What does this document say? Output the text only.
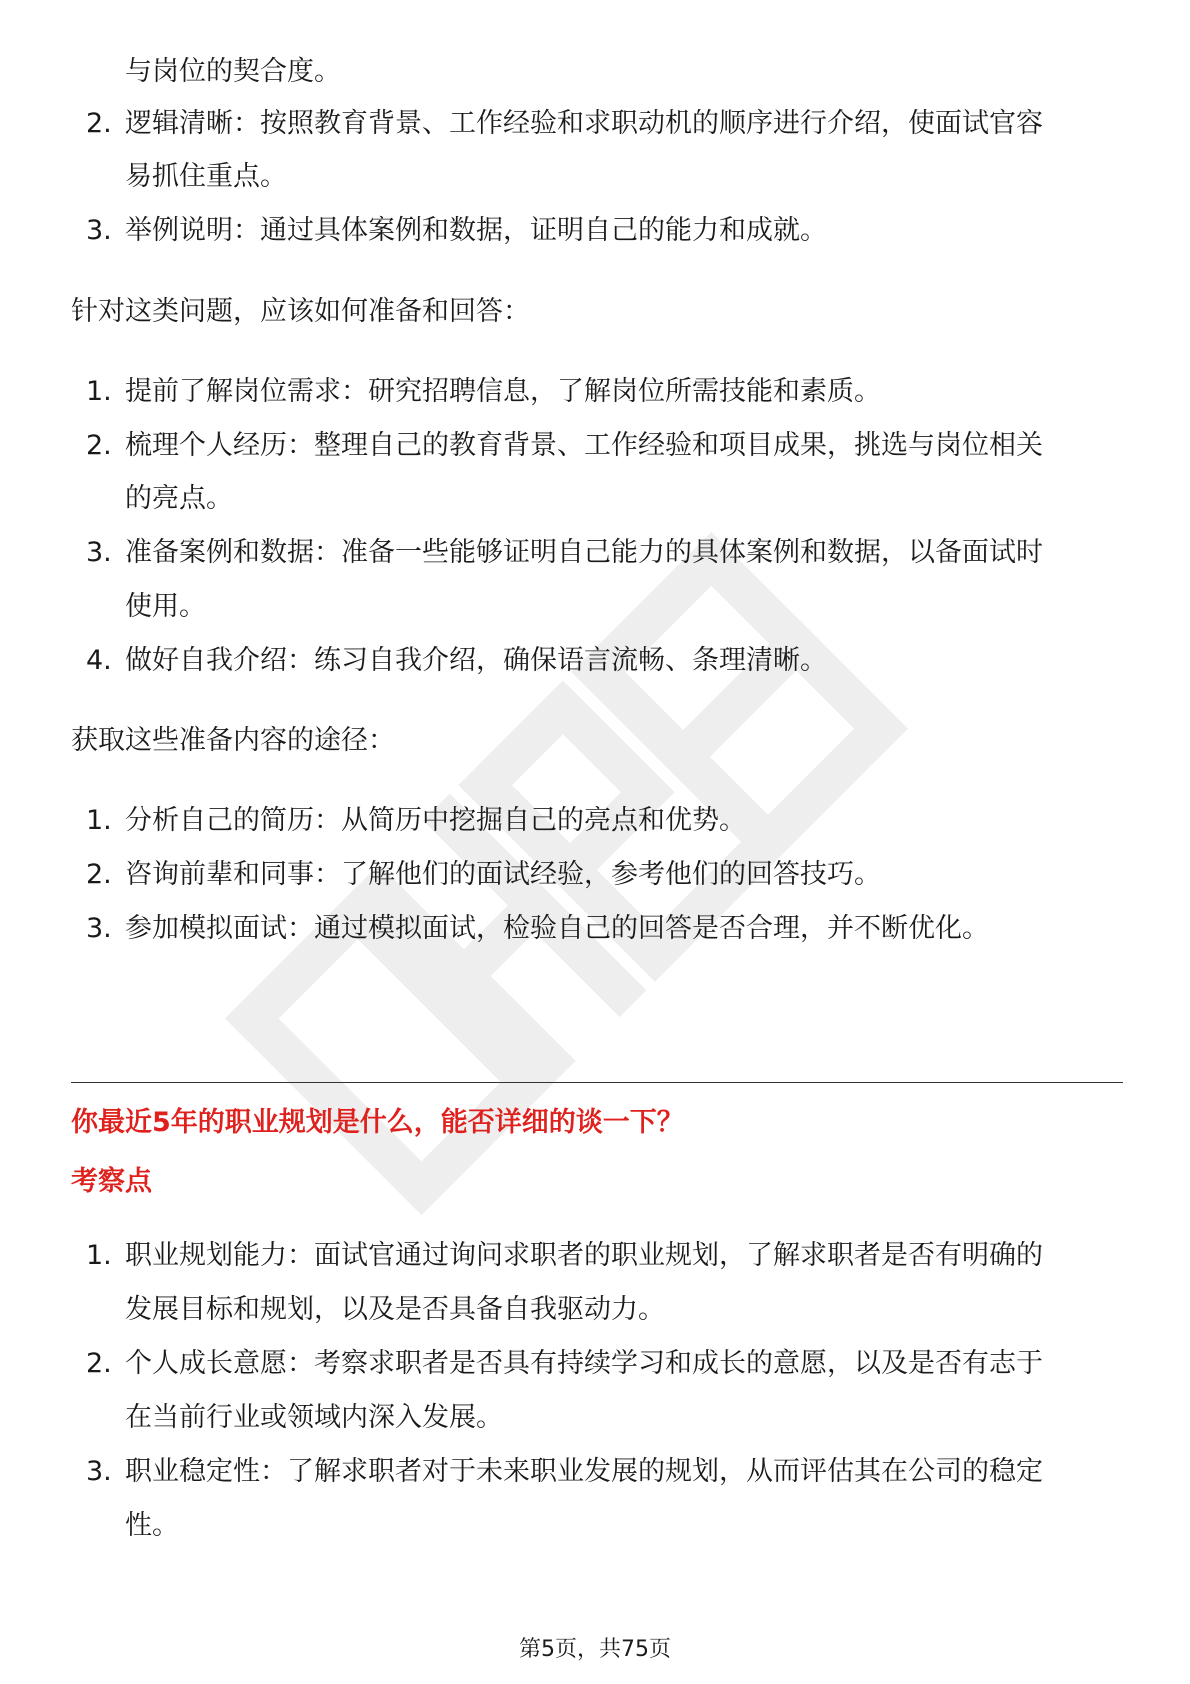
与岗位的契合度。
2. 逻辑清晰：按照教育背景、工作经验和求职动机的顺序进行介绍，使面试官容
易抓住重点。
3. 举例说明：通过具体案例和数据，证明自己的能力和成就。
针对这类问题，应该如何准备和回答：
1. 提前了解岗位需求：研究招聘信息，了解岗位所需技能和素质。
2. 梳理个人经历：整理自己的教育背景、工作经验和项目成果，挑选与岗位相关
的亮点。
3. 准备案例和数据：准备一些能够证明自己能力的具体案例和数据，以备面试时
使用。
4. 做好自我介绍：练习自我介绍，确保语言流畅、条理清晰。
获取这些准备内容的途径：
1. 分析自己的简历：从简历中挖掘自己的亮点和优势。
2. 咨询前辈和同事：了解他们的面试经验，参考他们的回答技巧。
3. 参加模拟面试：通过模拟面试，检验自己的回答是否合理，并不断优化。
你最近5年的职业规划是什么，能否详细的谈一下？
考察点
1. 职业规划能力：面试官通过询问求职者的职业规划，了解求职者是否有明确的
发展目标和规划，以及是否具备自我驱动力。
2. 个人成长意愿：考察求职者是否具有持续学习和成长的意愿，以及是否有志于
在当前行业或领域内深入发展。
3. 职业稳定性：了解求职者对于未来职业发展的规划，从而评估其在公司的稳定
性。
第5页，共75页
